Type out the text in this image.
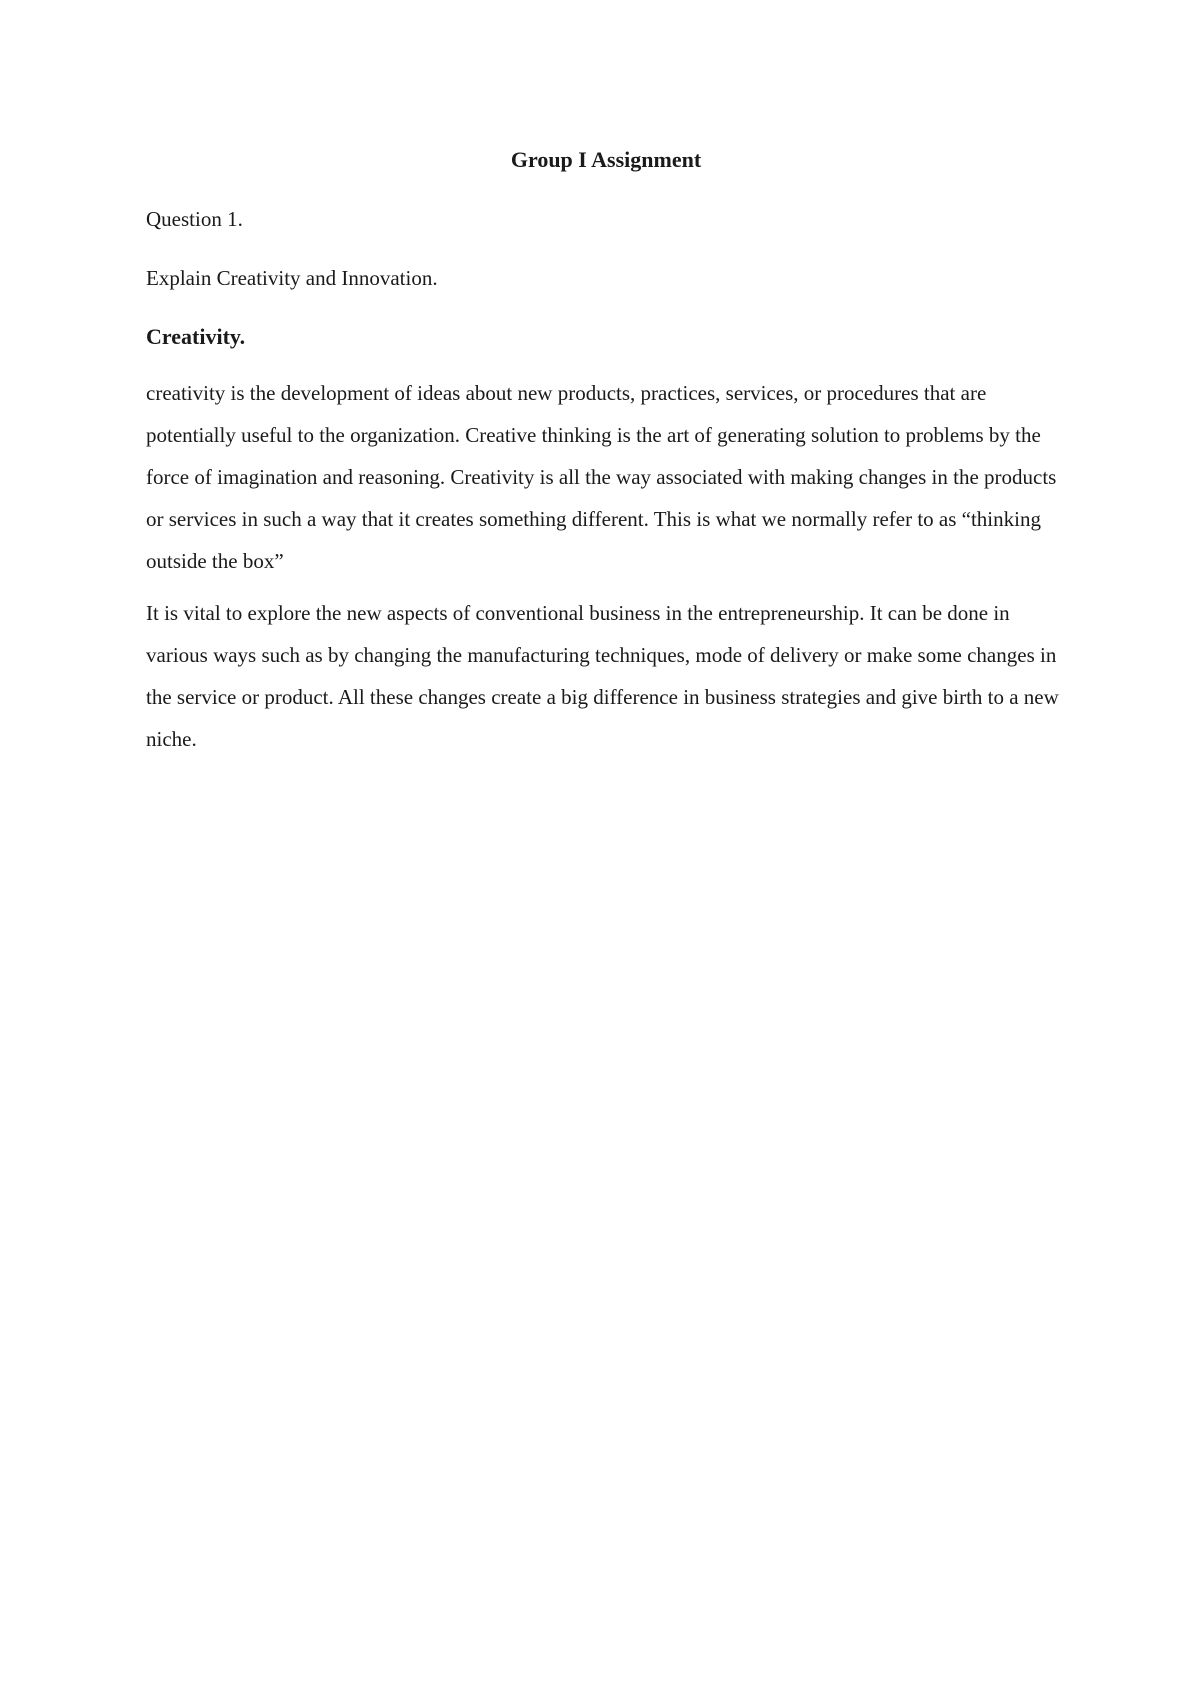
Group I Assignment

Question 1.

Explain Creativity and Innovation.

Creativity.

creativity is the development of ideas about new products, practices, services, or procedures that are potentially useful to the organization. Creative thinking is the art of generating solution to problems by the force of imagination and reasoning. Creativity is all the way associated with making changes in the products or services in such a way that it creates something different. This is what we normally refer to as “thinking outside the box”

It is vital to explore the new aspects of conventional business in the entrepreneurship. It can be done in various ways such as by changing the manufacturing techniques, mode of delivery or make some changes in the service or product. All these changes create a big difference in business strategies and give birth to a new niche.
